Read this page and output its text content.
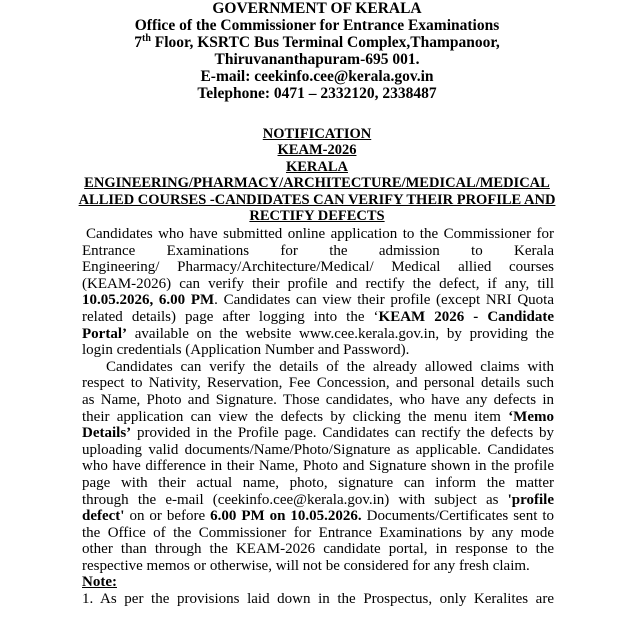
GOVERNMENT OF KERALA

Office of the Commissioner for Entrance Examinations

7th Floor, KSRTC Bus Terminal Complex,Thampanoor,

Thiruvananthapuram-695 001.

E-mail: ceekinfo.cee@kerala.gov.in

Telephone: 0471 – 2332120, 2338487

NOTIFICATION

KEAM-2026

KERALA

ENGINEERING/PHARMACY/ARCHITECTURE/MEDICAL/MEDICAL

ALLIED COURSES -CANDIDATES CAN VERIFY THEIR PROFILE AND

RECTIFY DEFECTS

Candidates who have submitted online application to the Commissioner for
Entrance Examinations for the admission to Kerala
Engineering/ Pharmacy/Architecture/Medical/ Medical allied courses
(KEAM-2026) can verify their profile and rectify the defect, if any, till
10.05.2026, 6.00 PM. Candidates can view their profile (except NRI Quota
related details) page after logging into the ‘KEAM 2026 - Candidate
Portal’ available on the website www.cee.kerala.gov.in, by providing the
login credentials (Application Number and Password).
Candidates can verify the details of the already allowed claims with
respect to Nativity, Reservation, Fee Concession, and personal details such
as Name, Photo and Signature. Those candidates, who have any defects in
their application can view the defects by clicking the menu item ‘Memo
Details’ provided in the Profile page. Candidates can rectify the defects by
uploading valid documents/Name/Photo/Signature as applicable. Candidates
who have difference in their Name, Photo and Signature shown in the profile
page with their actual name, photo, signature can inform the matter
through the e-mail (ceekinfo.cee@kerala.gov.in) with subject as 'profile
defect' on or before 6.00 PM on 10.05.2026. Documents/Certificates sent to
the Office of the Commissioner for Entrance Examinations by any mode
other than through the KEAM-2026 candidate portal, in response to the
respective memos or otherwise, will not be considered for any fresh claim.

Note:

1. As per the provisions laid down in the Prospectus, only Keralites are
